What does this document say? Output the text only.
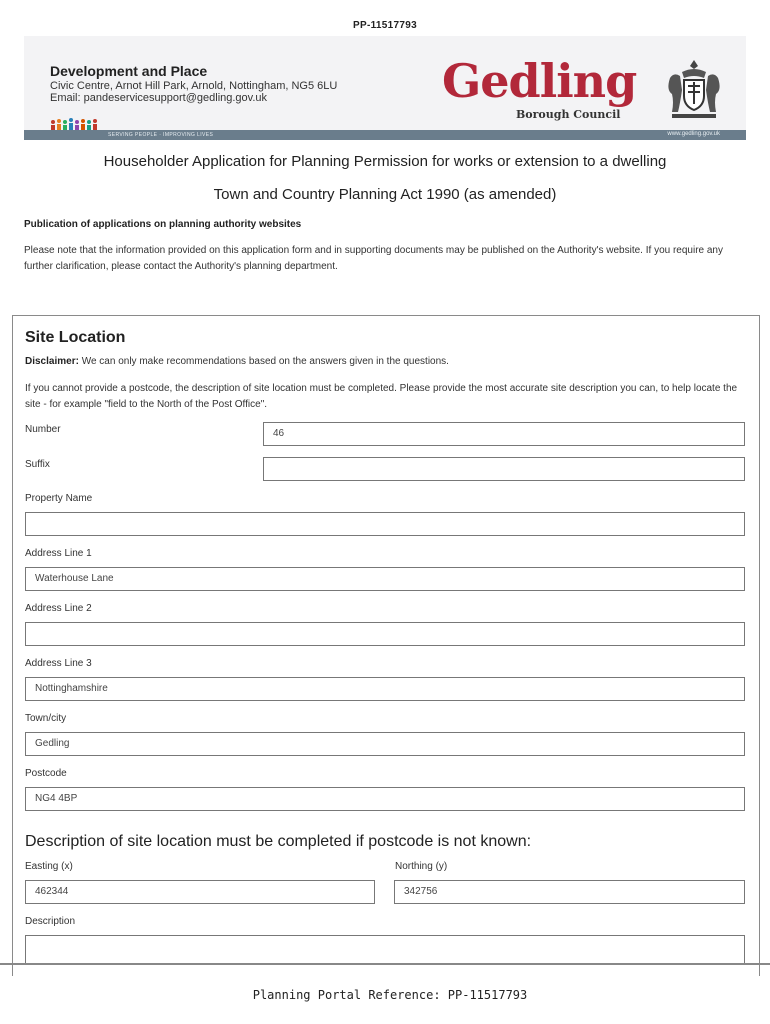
PP-11517793
Development and Place
Civic Centre, Arnot Hill Park, Arnold, Nottingham, NG5 6LU
Email: pandeservicesupport@gedling.gov.uk	Gedling
Borough Council
SERVING PEOPLE · IMPROVING LIVES	www.gedling.gov.uk
Householder Application for Planning Permission for works or extension to a dwelling
Town and Country Planning Act 1990 (as amended)
Publication of applications on planning authority websites
Please note that the information provided on this application form and in supporting documents may be published on the Authority's website. If you require any further clarification, please contact the Authority's planning department.
Site Location
Disclaimer: We can only make recommendations based on the answers given in the questions.
If you cannot provide a postcode, the description of site location must be completed. Please provide the most accurate site description you can, to help locate the site - for example "field to the North of the Post Office".
Number	46
Suffix
Property Name
Address Line 1
Waterhouse Lane
Address Line 2
Address Line 3
Nottinghamshire
Town/city
Gedling
Postcode
NG4 4BP
Description of site location must be completed if postcode is not known:
Easting (x)
462344
Northing (y)
342756
Description
Planning Portal Reference: PP-11517793
